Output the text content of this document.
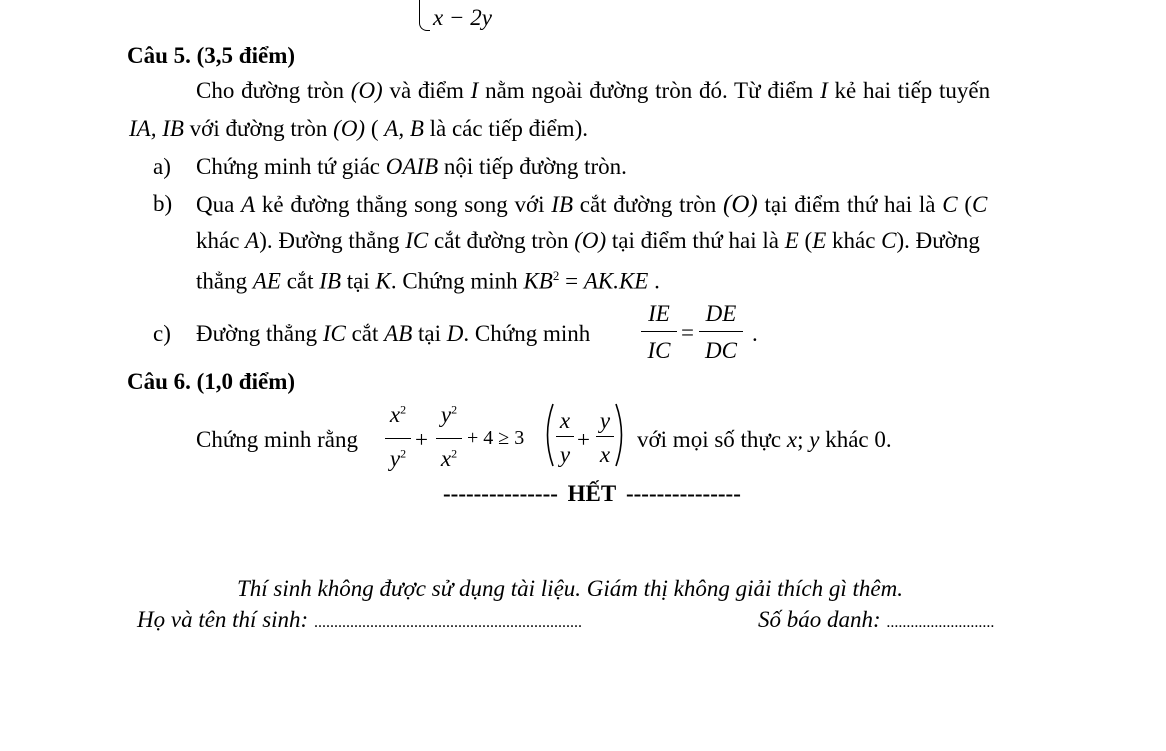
x − 2y
Câu 5. (3,5 điểm)
Cho đường tròn (O) và điểm I nằm ngoài đường tròn đó. Từ điểm I kẻ hai tiếp tuyến
IA, IB với đường tròn (O) ( A, B là các tiếp điểm).
a) Chứng minh tứ giác OAIB nội tiếp đường tròn.
b) Qua A kẻ đường thẳng song song với IB cắt đường tròn (O) tại điểm thứ hai là C (C
khác A). Đường thẳng IC cắt đường tròn (O) tại điểm thứ hai là E (E khác C). Đường
thẳng AE cắt IB tại K. Chứng minh $KB^2 = AK.KE$ .
c) Đường thẳng IC cắt AB tại D. Chứng minh
IE
IC
=
DE
DC
.
Câu 6. (1,0 điểm)
Chứng minh rằng
$x^2$
$y^2$
+
$y^2$
$x^2$
+ 4 ≥ 3
x
y
+
y
x
với mọi số thực x; y khác 0.
--------------- HẾT ---------------
Thí sinh không được sử dụng tài liệu. Giám thị không giải thích gì thêm.
Họ và tên thí sinh: ...................................................................	Số báo danh: ...........................
